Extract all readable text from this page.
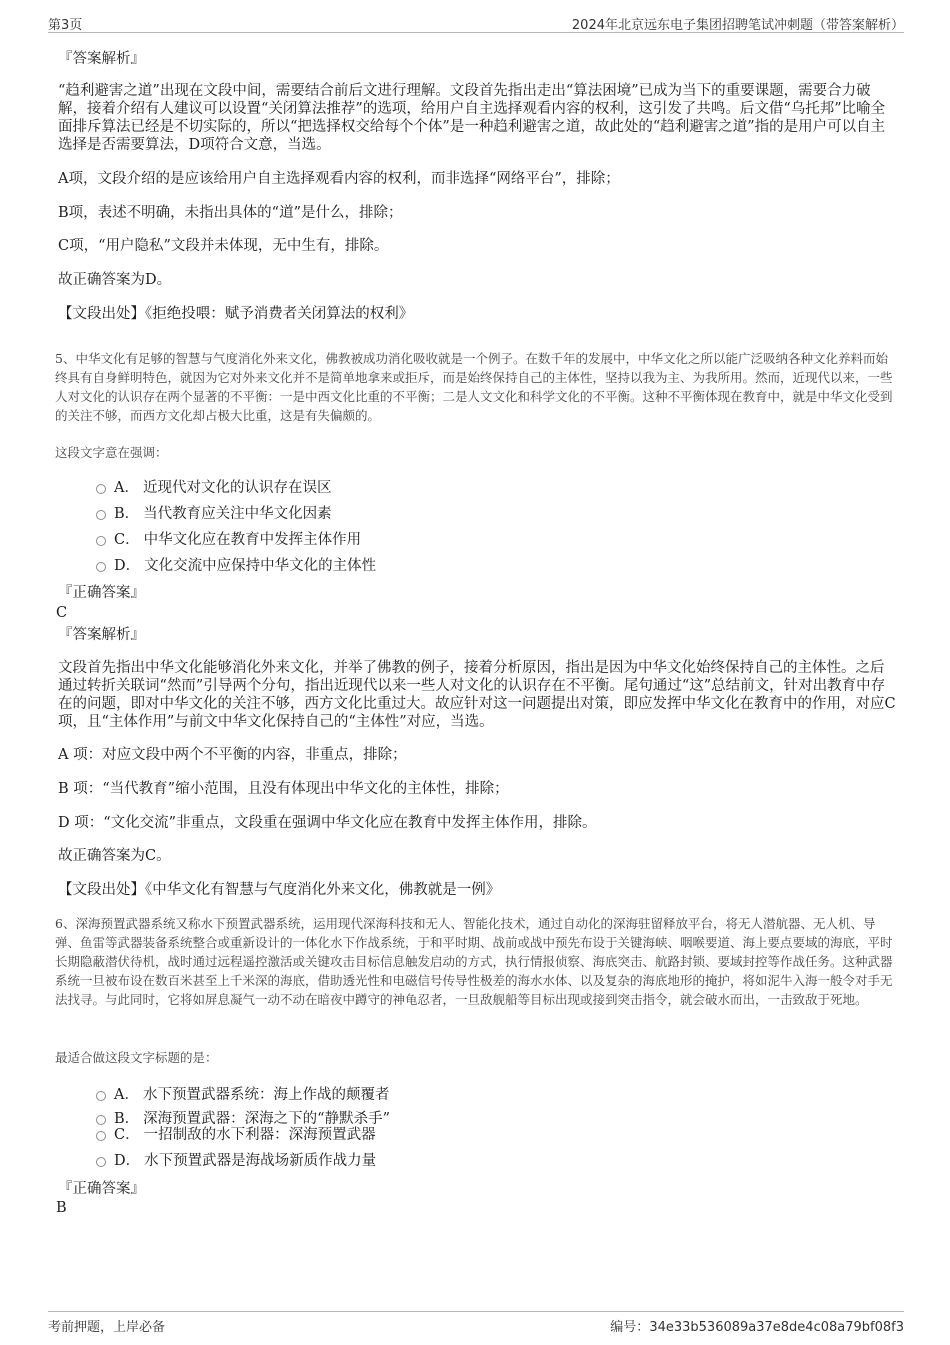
第3页	2024年北京远东电子集团招聘笔试冲刺题（带答案解析）
『答案解析』

“趋利避害之道”出现在文段中间，需要结合前后文进行理解。文段首先指出走出“算法困境”已成为当下的重要课题，需要合力破解，接着介绍有人建议可以设置“关闭算法推荐”的选项，给用户自主选择观看内容的权利，这引发了共鸣。后文借“乌托邦”比喻全面排斥算法已经是不切实际的，所以“把选择权交给每个个体”是一种趋利避害之道，故此处的“趋利避害之道”指的是用户可以自主选择是否需要算法，D项符合文意，当选。

A项，文段介绍的是应该给用户自主选择观看内容的权利，而非选择“网络平台”，排除；

B项，表述不明确，未指出具体的“道”是什么，排除；

C项，“用户隐私”文段并未体现，无中生有，排除。

故正确答案为D。

【文段出处】《拒绝投喂：赋予消费者关闭算法的权利》

5、中华文化有足够的智慧与气度消化外来文化，佛教被成功消化吸收就是一个例子。在数千年的发展中，中华文化之所以能广泛吸纳各种文化养料而始终具有自身鲜明特色，就因为它对外来文化并不是简单地拿来或拒斥，而是始终保持自己的主体性，坚持以我为主、为我所用。然而，近现代以来，一些人对文化的认识存在两个显著的不平衡：一是中西文化比重的不平衡；二是人文文化和科学文化的不平衡。这种不平衡体现在教育中，就是中华文化受到的关注不够，而西方文化却占极大比重，这是有失偏颇的。

这段文字意在强调：

A． 近现代对文化的认识存在误区
B． 当代教育应关注中华文化因素
C． 中华文化应在教育中发挥主体作用
D． 文化交流中应保持中华文化的主体性
『正确答案』
C
『答案解析』

文段首先指出中华文化能够消化外来文化，并举了佛教的例子，接着分析原因，指出是因为中华文化始终保持自己的主体性。之后通过转折关联词“然而”引导两个分句，指出近现代以来一些人对文化的认识存在不平衡。尾句通过“这”总结前文，针对出教育中存在的问题，即对中华文化的关注不够，西方文化比重过大。故应针对这一问题提出对策，即应发挥中华文化在教育中的作用，对应C 项，且“主体作用”与前文中华文化保持自己的“主体性”对应，当选。

A 项：对应文段中两个不平衡的内容，非重点，排除；

B 项：“当代教育”缩小范围，且没有体现出中华文化的主体性，排除；

D 项：“文化交流”非重点，文段重在强调中华文化应在教育中发挥主体作用，排除。

故正确答案为C。

【文段出处】《中华文化有智慧与气度消化外来文化，佛教就是一例》

6、深海预置武器系统又称水下预置武器系统，运用现代深海科技和无人、智能化技术，通过自动化的深海驻留释放平台，将无人潜航器、无人机、导弹、鱼雷等武器装备系统整合或重新设计的一体化水下作战系统，于和平时期、战前或战中预先布设于关键海峡、咽喉要道、海上要点要域的海底，平时长期隐蔽潜伏待机，战时通过远程遥控激活或关键攻击目标信息触发启动的方式，执行情报侦察、海底突击、航路封锁、要域封控等作战任务。这种武器系统一旦被布设在数百米甚至上千米深的海底，借助透光性和电磁信号传导性极差的海水水体、以及复杂的海底地形的掩护，将如泥牛入海一般令对手无法找寻。与此同时，它将如屏息凝气一动不动在暗夜中蹲守的神龟忍者，一旦敌舰船等目标出现或接到突击指令，就会破水而出，一击致敌于死地。

最适合做这段文字标题的是：

A． 水下预置武器系统：海上作战的颠覆者
B． 深海预置武器：深海之下的“静默杀手”
C． 一招制敌的水下利器：深海预置武器
D． 水下预置武器是海战场新质作战力量
『正确答案』
B
考前押题，上岸必备	编号：34e33b536089a37e8de4c08a79bf08f3
